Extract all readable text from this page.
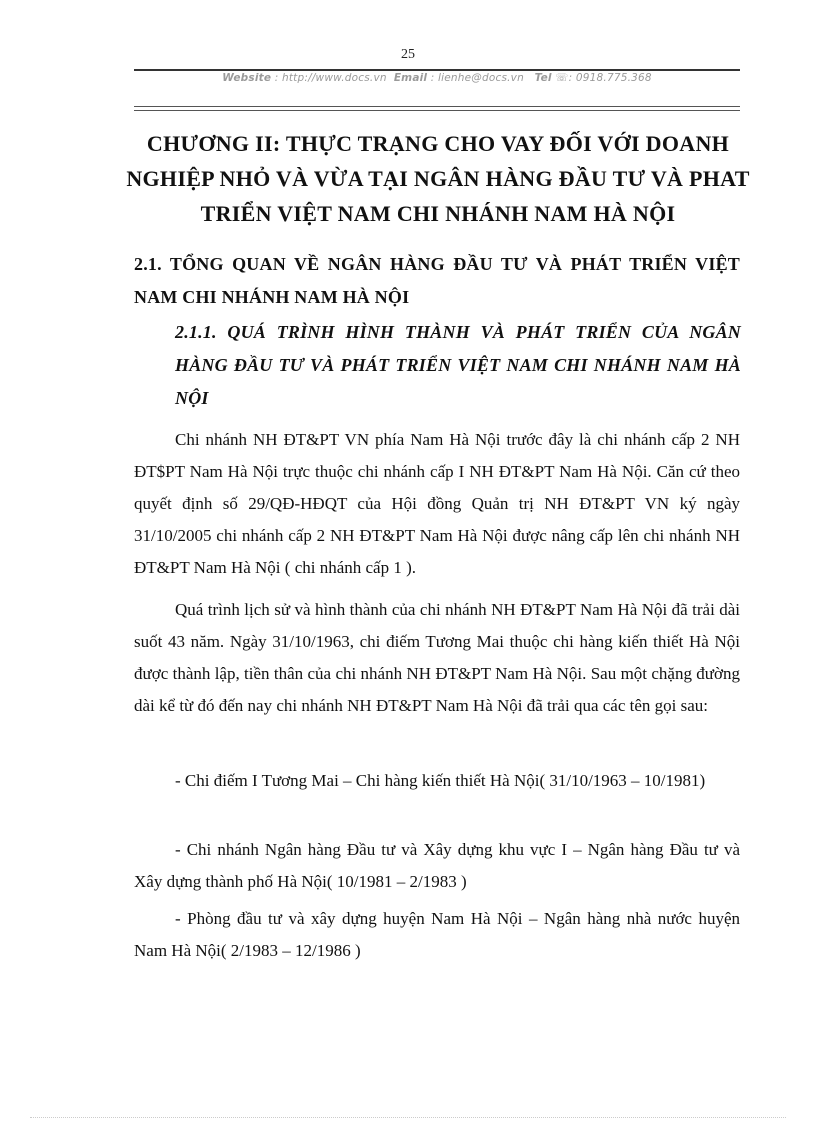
25
Website : http://www.docs.vn Email : lienhe@docs.vn Tel ☏: 0918.775.368
CHƯƠNG II: THỰC TRẠNG CHO VAY ĐỐI VỚI DOANH NGHIỆP NHỎ VÀ VỪA TẠI NGÂN HÀNG ĐẦU TƯ VÀ PHAT TRIỂN VIỆT NAM CHI NHÁNH NAM HÀ NỘI
2.1. TỔNG QUAN VỀ NGÂN HÀNG ĐẦU TƯ VÀ PHÁT TRIỂN VIỆT NAM CHI NHÁNH NAM HÀ NỘI
2.1.1. QUÁ TRÌNH HÌNH THÀNH VÀ PHÁT TRIỂN CỦA NGÂN HÀNG ĐẦU TƯ VÀ PHÁT TRIỂN VIỆT NAM CHI NHÁNH NAM HÀ NỘI
Chi nhánh NH ĐT&PT VN phía Nam Hà Nội trước đây là chi nhánh cấp 2 NH ĐT$PT Nam Hà Nội trực thuộc chi nhánh cấp I NH ĐT&PT Nam Hà Nội. Căn cứ theo quyết định số 29/QĐ-HĐQT của Hội đồng Quản trị NH ĐT&PT VN ký ngày 31/10/2005 chi nhánh cấp 2 NH ĐT&PT Nam Hà Nội được nâng cấp lên chi nhánh NH ĐT&PT Nam Hà Nội ( chi nhánh cấp 1 ).
Quá trình lịch sử và hình thành của chi nhánh NH ĐT&PT Nam Hà Nội đã trải dài suốt 43 năm. Ngày 31/10/1963, chi điếm Tương Mai thuộc chi hàng kiến thiết Hà Nội được thành lập, tiền thân của chi nhánh NH ĐT&PT Nam Hà Nội. Sau một chặng đường dài kể từ đó đến nay chi nhánh NH ĐT&PT Nam Hà Nội đã trải qua các tên gọi sau:
- Chi điếm I Tương Mai – Chi hàng kiến thiết Hà Nội( 31/10/1963 – 10/1981)
- Chi nhánh Ngân hàng Đầu tư và Xây dựng khu vực I – Ngân hàng Đầu tư và Xây dựng thành phố Hà Nội( 10/1981 – 2/1983 )
- Phòng đầu tư và xây dựng huyện Nam Hà Nội – Ngân hàng nhà nước huyện Nam Hà Nội( 2/1983 – 12/1986 )
